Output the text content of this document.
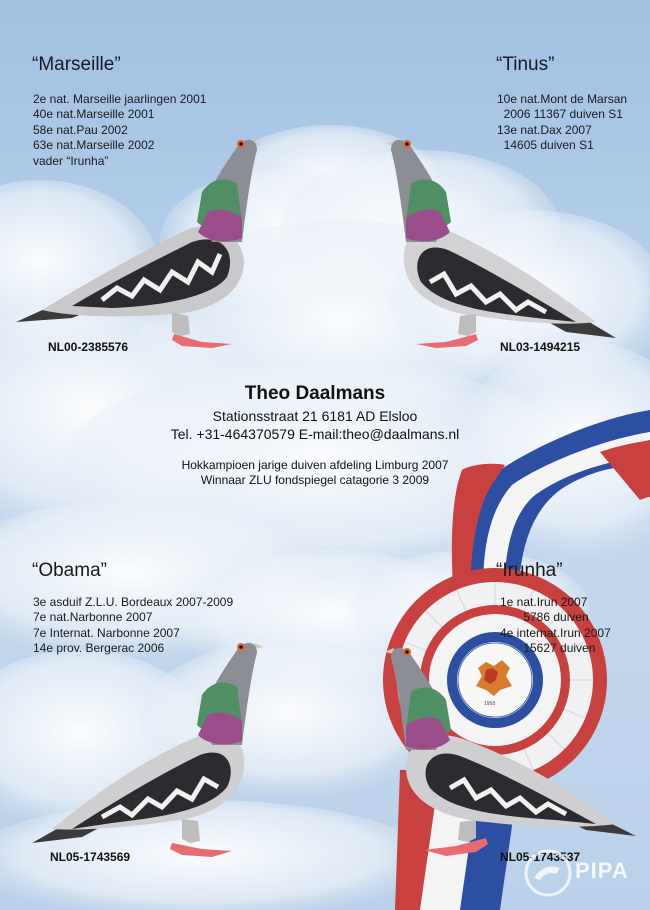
1958
“Marseille”
2e nat. Marseille jaarlingen 2001
40e nat.Marseille 2001
58e nat.Pau 2002
63e nat.Marseille 2002
vader “Irunha”
NL00-2385576
“Tinus”
10e nat.Mont de Marsan
2006 11367 duiven S1
13e nat.Dax 2007
14605 duiven S1
NL03-1494215
Theo Daalmans
Stationsstraat 21 6181 AD Elsloo
Tel. +31-464370579 E-mail:theo@daalmans.nl
Hokkampioen jarige duiven afdeling Limburg 2007
Winnaar ZLU fondspiegel catagorie 3 2009
“Obama”
3e asduif Z.L.U. Bordeaux 2007-2009
7e nat.Narbonne 2007
7e Internat. Narbonne 2007
14e prov. Bergerac 2006
NL05-1743569
“Irunha”
1e nat.Irun 2007
5786 duiven
4e internat.Irun 2007
15627 duiven
NL05-1743537
PIPA
